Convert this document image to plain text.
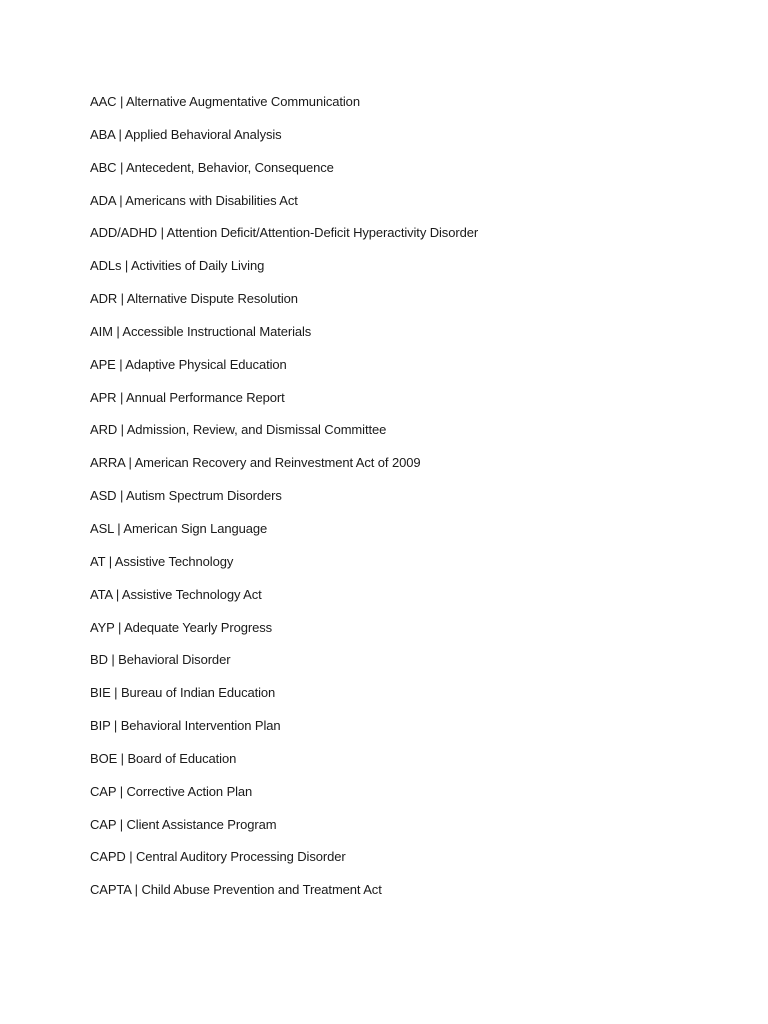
AAC | Alternative Augmentative Communication
ABA | Applied Behavioral Analysis
ABC | Antecedent, Behavior, Consequence
ADA | Americans with Disabilities Act
ADD/ADHD | Attention Deficit/Attention-Deficit Hyperactivity Disorder
ADLs | Activities of Daily Living
ADR | Alternative Dispute Resolution
AIM | Accessible Instructional Materials
APE | Adaptive Physical Education
APR | Annual Performance Report
ARD | Admission, Review, and Dismissal Committee
ARRA | American Recovery and Reinvestment Act of 2009
ASD | Autism Spectrum Disorders
ASL | American Sign Language
AT | Assistive Technology
ATA | Assistive Technology Act
AYP | Adequate Yearly Progress
BD | Behavioral Disorder
BIE | Bureau of Indian Education
BIP | Behavioral Intervention Plan
BOE | Board of Education
CAP | Corrective Action Plan
CAP | Client Assistance Program
CAPD | Central Auditory Processing Disorder
CAPTA | Child Abuse Prevention and Treatment Act
